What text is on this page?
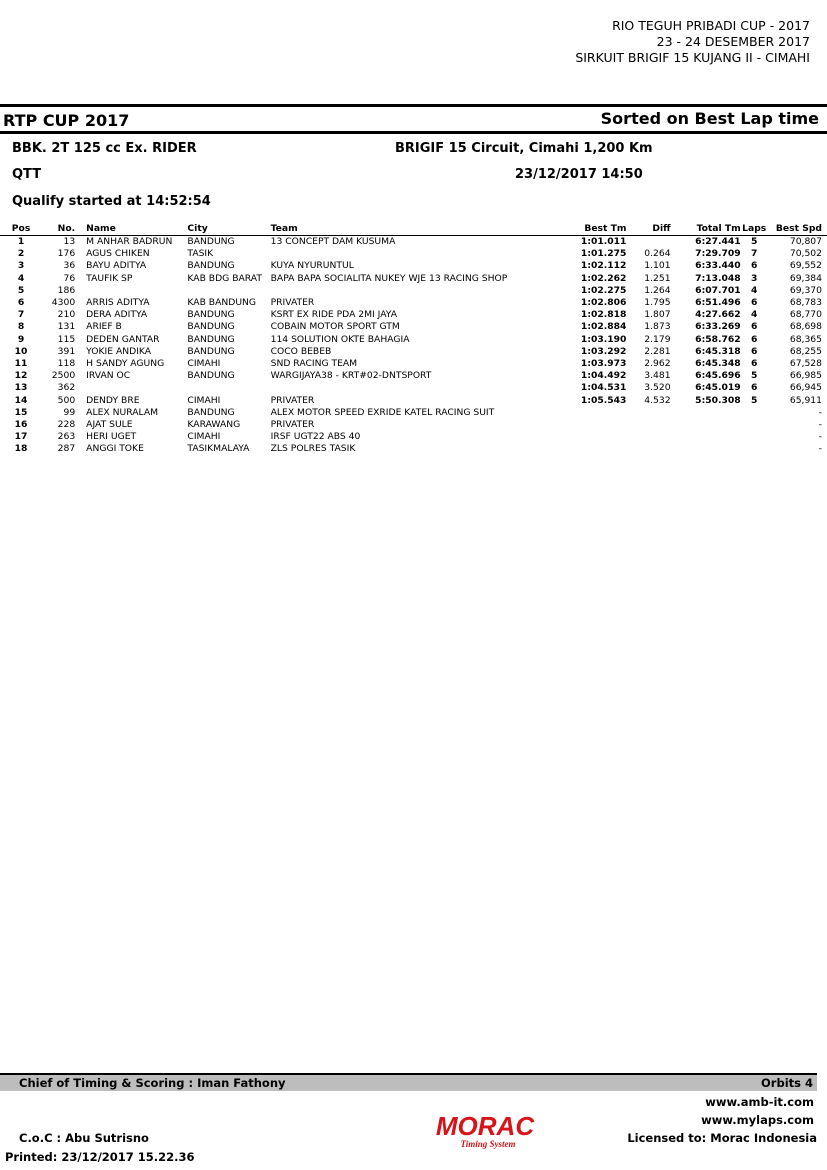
RIO TEGUH PRIBADI CUP - 2017
23 - 24 DESEMBER 2017
SIRKUIT BRIGIF 15 KUJANG II - CIMAHI
RTP CUP 2017	Sorted on Best Lap time
BBK. 2T 125 cc Ex. RIDER	BRIGIF 15 Circuit, Cimahi 1,200 Km
QTT	23/12/2017 14:50
Qualify started at 14:52:54
Pos	No.	Name	City	Team	Best Tm	Diff	Total Tm	Laps	Best Spd
1	13	M ANHAR BADRUN	BANDUNG	13 CONCEPT DAM KUSUMA	1:01.011		6:27.441	5	70,807
2	176	AGUS CHIKEN	TASIK		1:01.275	0.264	7:29.709	7	70,502
3	36	BAYU ADITYA	BANDUNG	KUYA NYURUNTUL	1:02.112	1.101	6:33.440	6	69,552
4	76	TAUFIK SP	KAB BDG BARAT	BAPA BAPA SOCIALITA NUKEY WJE 13 RACING SHOP	1:02.262	1.251	7:13.048	3	69,384
5	186				1:02.275	1.264	6:07.701	4	69,370
6	4300	ARRIS ADITYA	KAB BANDUNG	PRIVATER	1:02.806	1.795	6:51.496	6	68,783
7	210	DERA ADITYA	BANDUNG	KSRT EX RIDE PDA 2MI JAYA	1:02.818	1.807	4:27.662	4	68,770
8	131	ARIEF B	BANDUNG	COBAIN MOTOR SPORT GTM	1:02.884	1.873	6:33.269	6	68,698
9	115	DEDEN GANTAR	BANDUNG	114 SOLUTION OKTE BAHAGIA	1:03.190	2.179	6:58.762	6	68,365
10	391	YOKIE ANDIKA	BANDUNG	COCO BEBEB	1:03.292	2.281	6:45.318	6	68,255
11	118	H SANDY AGUNG	CIMAHI	SND RACING TEAM	1:03.973	2.962	6:45.348	6	67,528
12	2500	IRVAN OC	BANDUNG	WARGIJAYA38 - KRT#02-DNTSPORT	1:04.492	3.481	6:45.696	5	66,985
13	362				1:04.531	3.520	6:45.019	6	66,945
14	500	DENDY BRE	CIMAHI	PRIVATER	1:05.543	4.532	5:50.308	5	65,911
15	99	ALEX NURALAM	BANDUNG	ALEX MOTOR SPEED EXRIDE KATEL RACING SUIT					-
16	228	AJAT SULE	KARAWANG	PRIVATER					-
17	263	HERI UGET	CIMAHI	IRSF UGT22 ABS 40					-
18	287	ANGGI TOKE	TASIKMALAYA	ZLS POLRES TASIK					-
Chief of Timing & Scoring : Iman Fathony	Orbits 4
www.amb-it.com
www.mylaps.com
C.o.C : Abu Sutrisno	Licensed to: Morac Indonesia
Printed: 23/12/2017 15.22.36
MORAC
Timing System
